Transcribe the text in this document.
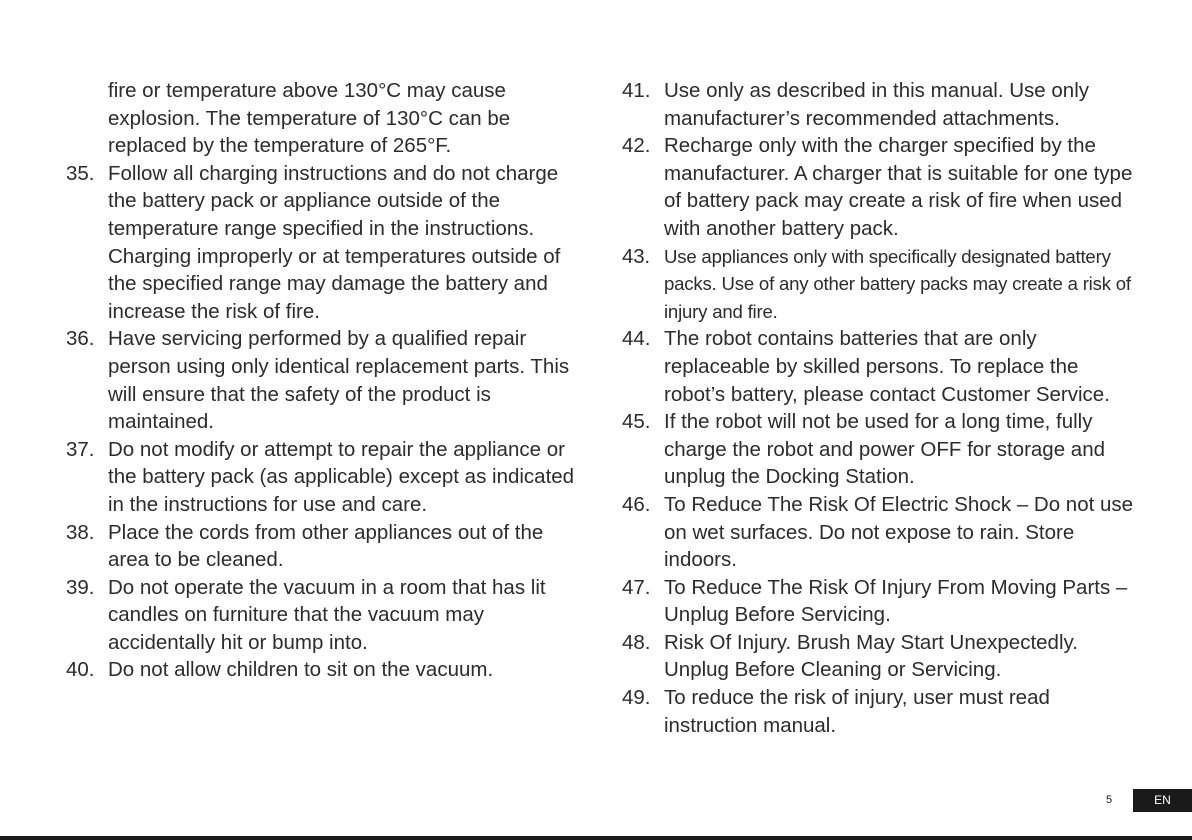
fire or temperature above 130°C may cause explosion. The temperature of 130°C can be replaced by the temperature of 265°F.

35. Follow all charging instructions and do not charge the battery pack or appliance outside of the temperature range specified in the instructions. Charging improperly or at temperatures outside of the specified range may damage the battery and increase the risk of fire.
36. Have servicing performed by a qualified repair person using only identical replacement parts. This will ensure that the safety of the product is maintained.
37. Do not modify or attempt to repair the appliance or the battery pack (as applicable) except as indicated in the instructions for use and care.
38. Place the cords from other appliances out of the area to be cleaned.
39. Do not operate the vacuum in a room that has lit candles on furniture that the vacuum may accidentally hit or bump into.
40. Do not allow children to sit on the vacuum.
41. Use only as described in this manual. Use only manufacturer’s recommended attachments.
42. Recharge only with the charger specified by the manufacturer. A charger that is suitable for one type of battery pack may create a risk of fire when used with another battery pack.
43. Use appliances only with specifically designated battery packs. Use of any other battery packs may create a risk of injury and fire.
44. The robot contains batteries that are only replaceable by skilled persons. To replace the robot’s battery, please contact Customer Service.
45. If the robot will not be used for a long time, fully charge the robot and power OFF for storage and unplug the Docking Station.
46. To Reduce The Risk Of Electric Shock – Do not use on wet surfaces. Do not expose to rain. Store indoors.
47. To Reduce The Risk Of Injury From Moving Parts – Unplug Before Servicing.
48. Risk Of Injury. Brush May Start Unexpectedly. Unplug Before Cleaning or Servicing.
49. To reduce the risk of injury, user must read instruction manual.
5	EN
